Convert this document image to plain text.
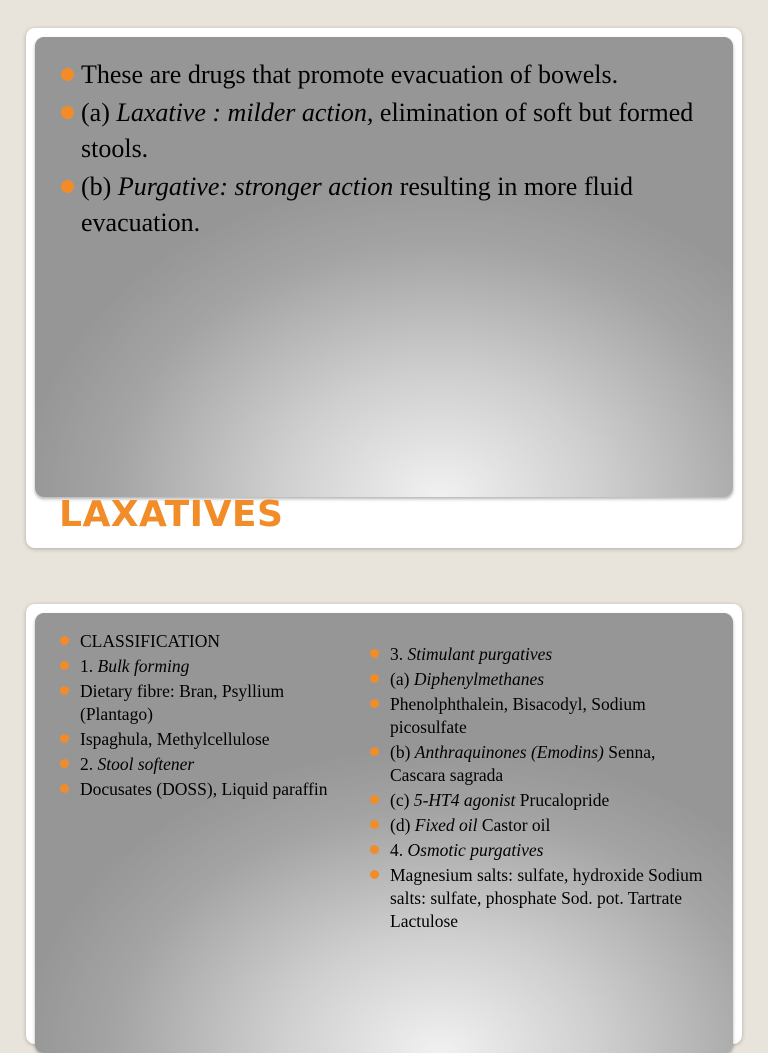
These are drugs that promote evacuation of bowels.
(a) Laxative : milder action, elimination of soft but formed stools.
(b) Purgative: stronger action resulting in more fluid evacuation.
LAXATIVES
CLASSIFICATION
1. Bulk forming
Dietary fibre: Bran, Psyllium (Plantago)
Ispaghula, Methylcellulose
2. Stool softener
Docusates (DOSS), Liquid paraffin
3. Stimulant purgatives
(a) Diphenylmethanes
Phenolphthalein, Bisacodyl, Sodium picosulfate
(b) Anthraquinones (Emodins) Senna, Cascara sagrada
(c) 5-HT4 agonist Prucalopride
(d) Fixed oil Castor oil
4. Osmotic purgatives
Magnesium salts: sulfate, hydroxide Sodium salts: sulfate, phosphate Sod. pot. Tartrate Lactulose
